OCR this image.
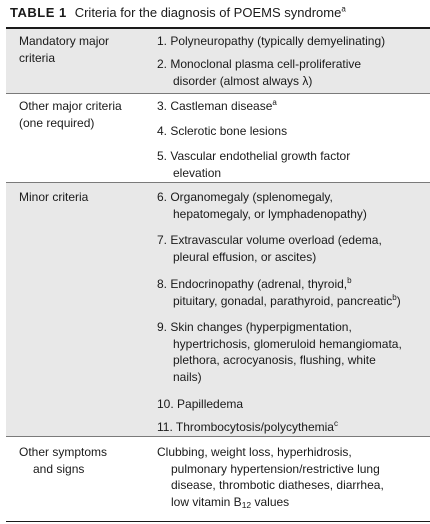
TABLE 1 Criteria for the diagnosis of POEMS syndrome$^a$
Mandatory major
criteria
1. Polyneuropathy (typically demyelinating)
2. Monoclonal plasma cell-proliferative
disorder (almost always λ)
Other major criteria
(one required)
3. Castleman disease$^a$
4. Sclerotic bone lesions
5. Vascular endothelial growth factor
elevation
Minor criteria	6. Organomegaly (splenomegaly,
hepatomegaly, or lymphadenopathy)
7. Extravascular volume overload (edema,
pleural effusion, or ascites)
8. Endocrinopathy (adrenal, thyroid,$^b$
pituitary, gonadal, parathyroid, pancreatic$^b$)
9. Skin changes (hyperpigmentation,
hypertrichosis, glomeruloid hemangiomata,
plethora, acrocyanosis, flushing, white
nails)
10. Papilledema
11. Thrombocytosis/polycythemia$^c$
Other symptoms
and signs
Clubbing, weight loss, hyperhidrosis,
pulmonary hypertension/restrictive lung
disease, thrombotic diatheses, diarrhea,
low vitamin $B_{12}$ values
